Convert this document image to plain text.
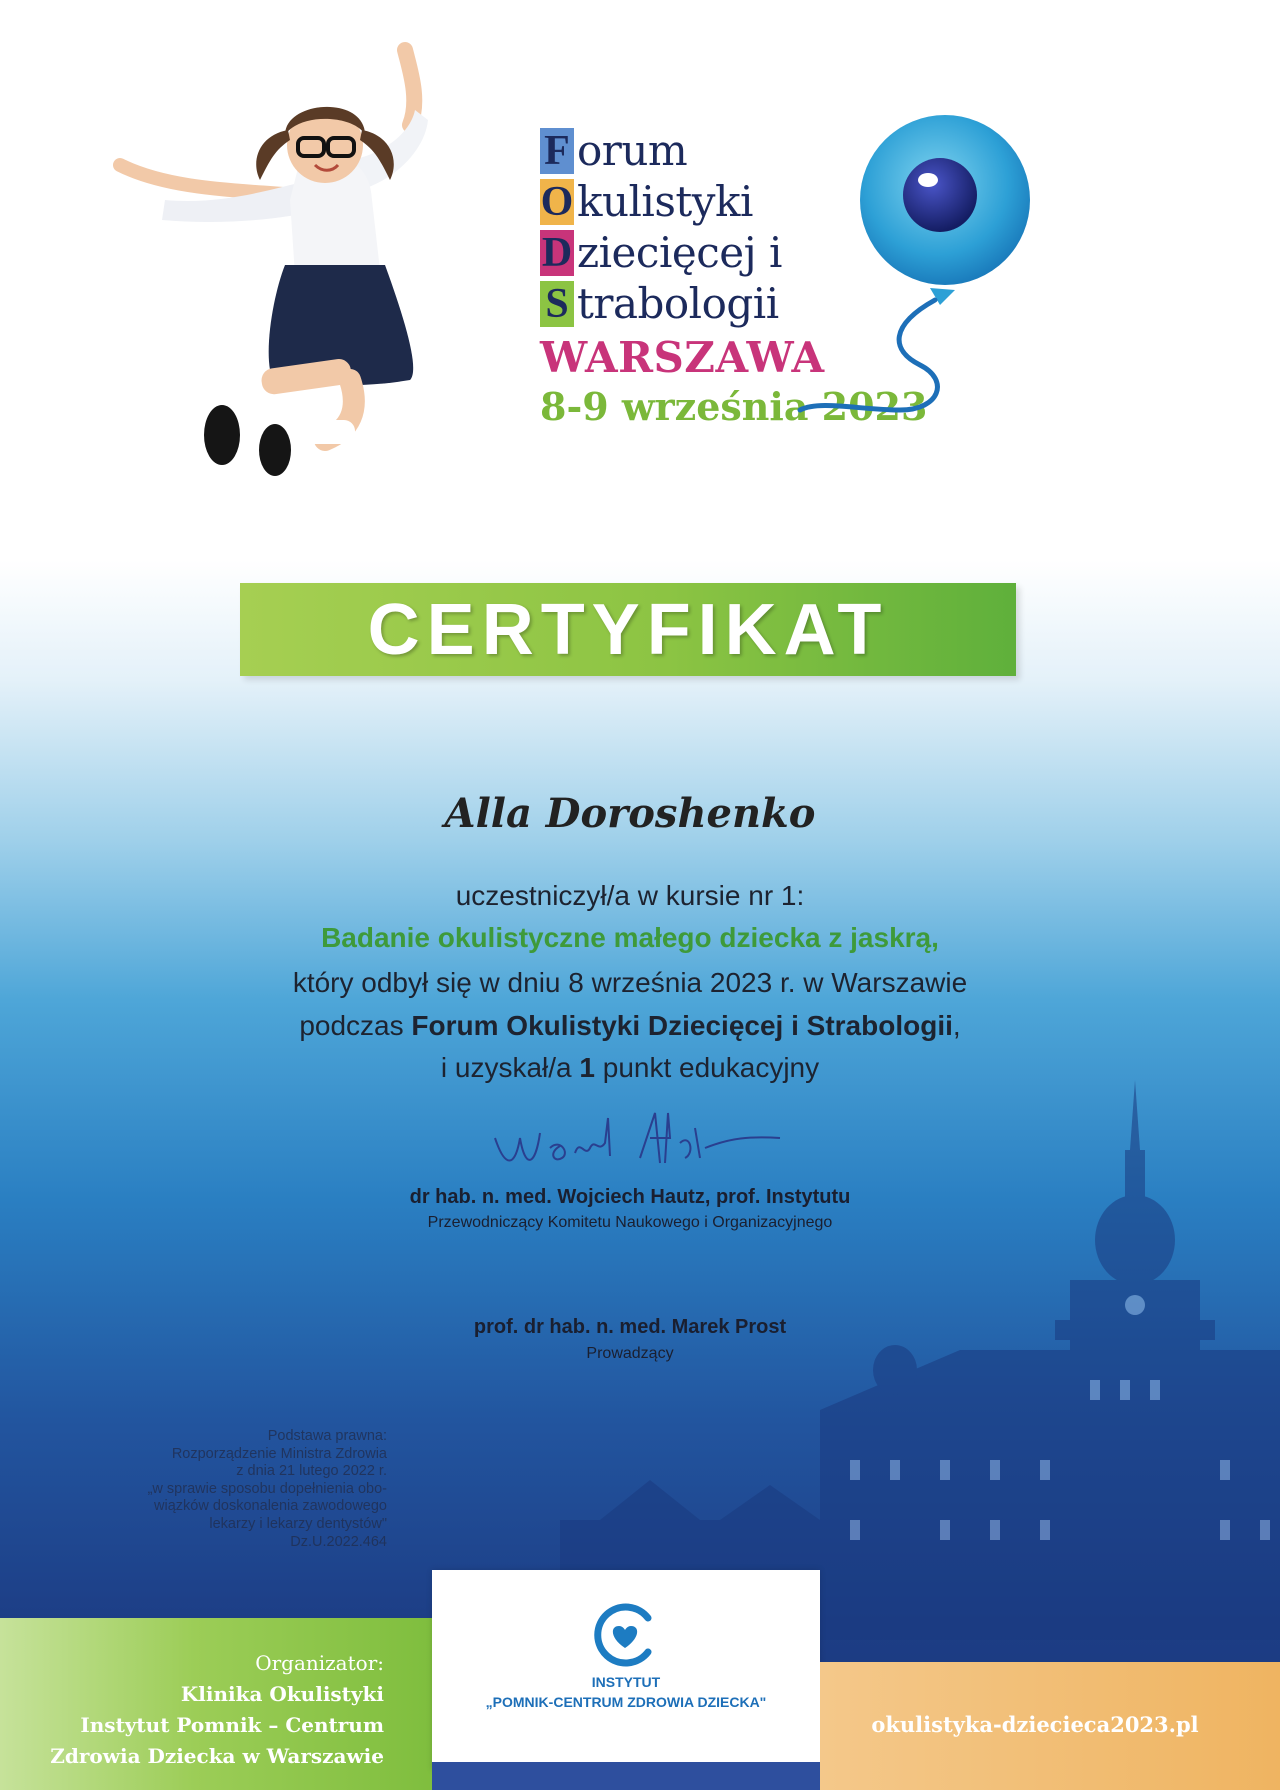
F orum
O kulistyki
D ziecięcej i
S trabologii
WARSZAWA
8-9 września 2023
CERTYFIKAT
Alla Doroshenko
uczestniczył/a w kursie nr 1:
Badanie okulistyczne małego dziecka z jaskrą,
który odbył się w dniu 8 września 2023 r. w Warszawie
podczas Forum Okulistyki Dziecięcej i Strabologii,
i uzyskał/a 1 punkt edukacyjny
dr hab. n. med. Wojciech Hautz, prof. Instytutu
Przewodniczący Komitetu Naukowego i Organizacyjnego
prof. dr hab. n. med. Marek Prost
Prowadzący
Podstawa prawna:
Rozporządzenie Ministra Zdrowia
z dnia 21 lutego 2022 r.
„w sprawie sposobu dopełnienia obo-
wiązków doskonalenia zawodowego
lekarzy i lekarzy dentystów"
Dz.U.2022.464
Organizator:
Klinika Okulistyki
Instytut Pomnik – Centrum
Zdrowia Dziecka w Warszawie
INSTYTUT
„POMNIK-CENTRUM ZDROWIA DZIECKA"
okulistyka-dziecieca2023.pl
